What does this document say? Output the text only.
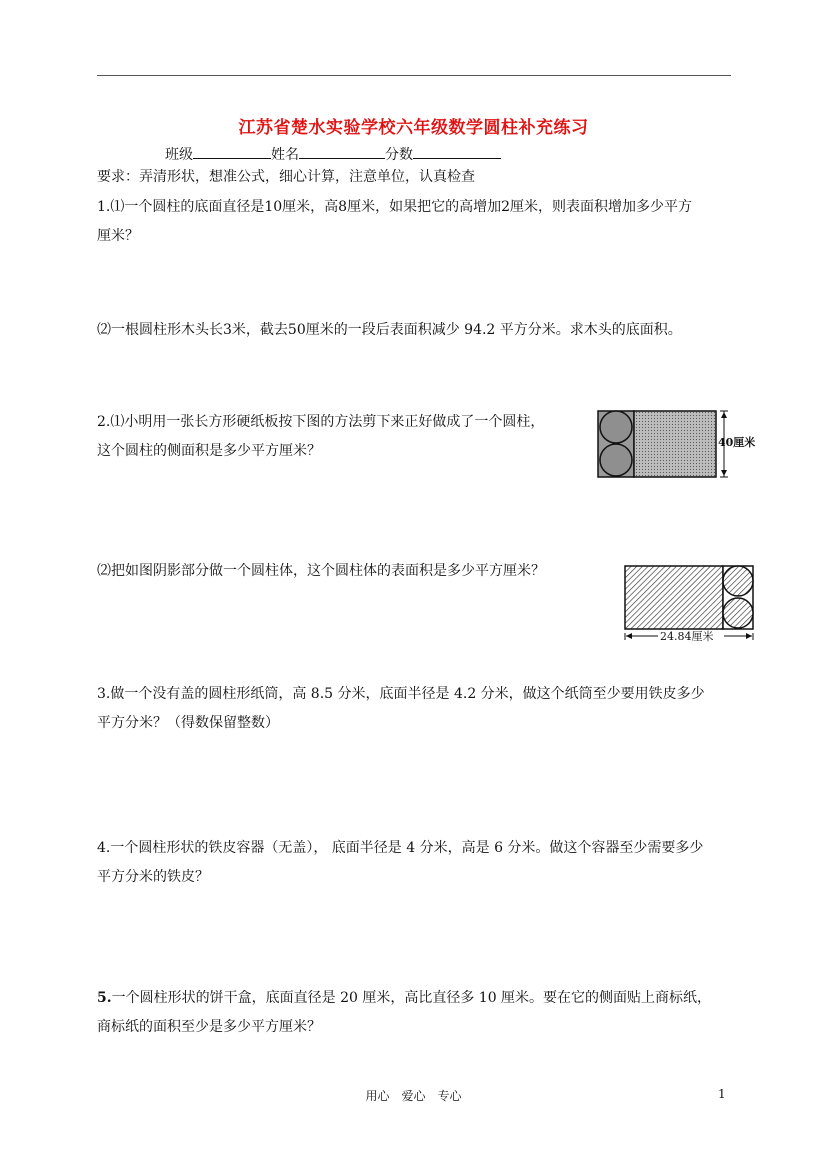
江苏省楚水实验学校六年级数学圆柱补充练习
班级	姓名	分数
要求：弄清形状，想准公式，细心计算，注意单位，认真检查
1.⑴一个圆柱的底面直径是10厘米，高8厘米，如果把它的高增加2厘米，则表面积增加多少平方
厘米？
⑵一根圆柱形木头长3米，截去50厘米的一段后表面积减少 94.2 平方分米。求木头的底面积。
2.⑴小明用一张长方形硬纸板按下图的方法剪下来正好做成了一个圆柱，
这个圆柱的侧面积是多少平方厘米？
40厘米
⑵把如图阴影部分做一个圆柱体，这个圆柱体的表面积是多少平方厘米？
24.84厘米
3.做一个没有盖的圆柱形纸筒，高 8.5 分米，底面半径是 4.2 分米，做这个纸筒至少要用铁皮多少
平方分米？（得数保留整数）
4.一个圆柱形状的铁皮容器（无盖）， 底面半径是 4 分米，高是 6 分米。做这个容器至少需要多少
平方分米的铁皮？
5.一个圆柱形状的饼干盒，底面直径是 20 厘米，高比直径多 10 厘米。要在它的侧面贴上商标纸，
商标纸的面积至少是多少平方厘米？
用心　爱心　专心	1
